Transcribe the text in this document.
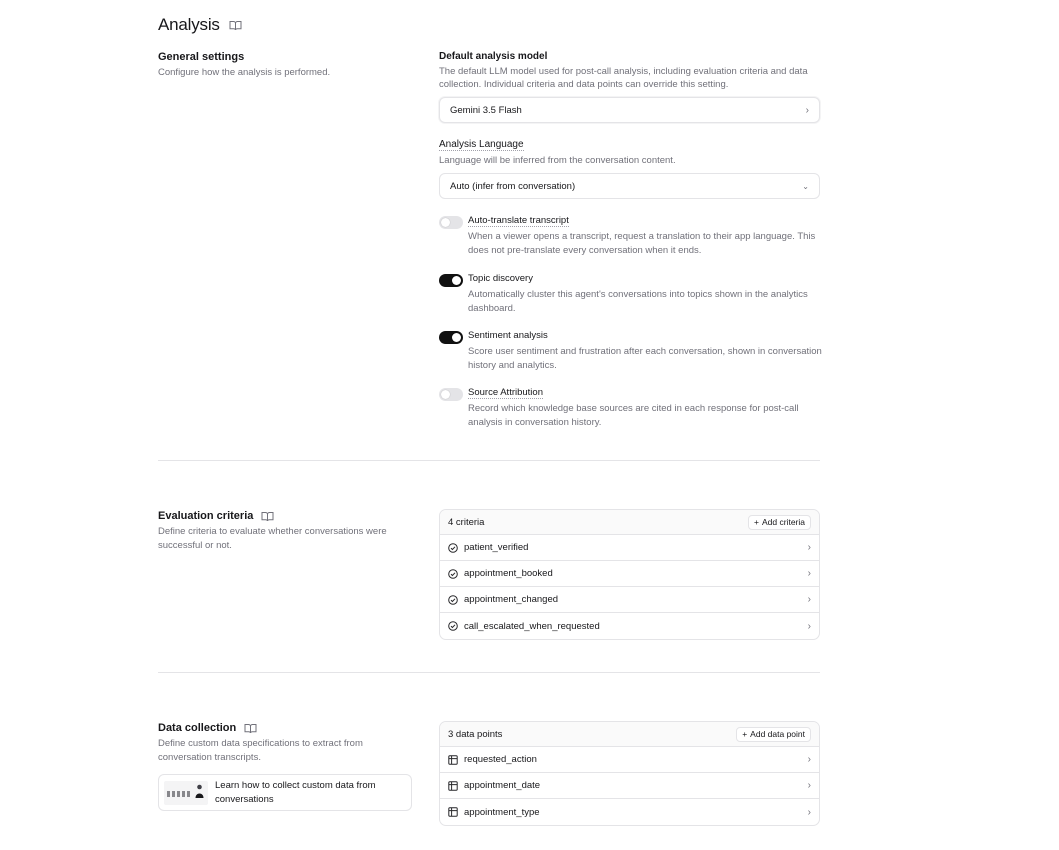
Analysis
General settings
Configure how the analysis is performed.
Default analysis model
The default LLM model used for post-call analysis, including evaluation criteria and data collection. Individual criteria and data points can override this setting.
Gemini 3.5 Flash	›
Analysis Language
Language will be inferred from the conversation content.
Auto (infer from conversation)	⌄
Auto-translate transcript
When a viewer opens a transcript, request a translation to their app language. This does not pre-translate every conversation when it ends.
Topic discovery
Automatically cluster this agent's conversations into topics shown in the analytics dashboard.
Sentiment analysis
Score user sentiment and frustration after each conversation, shown in conversation history and analytics.
Source Attribution
Record which knowledge base sources are cited in each response for post-call analysis in conversation history.
Evaluation criteria
Define criteria to evaluate whether conversations were successful or not.
4 criteria	+ Add criteria
patient_verified	›
appointment_booked	›
appointment_changed	›
call_escalated_when_requested	›
Data collection
Define custom data specifications to extract from conversation transcripts.
Learn how to collect custom data from conversations
3 data points	+ Add data point
requested_action	›
appointment_date	›
appointment_type	›
